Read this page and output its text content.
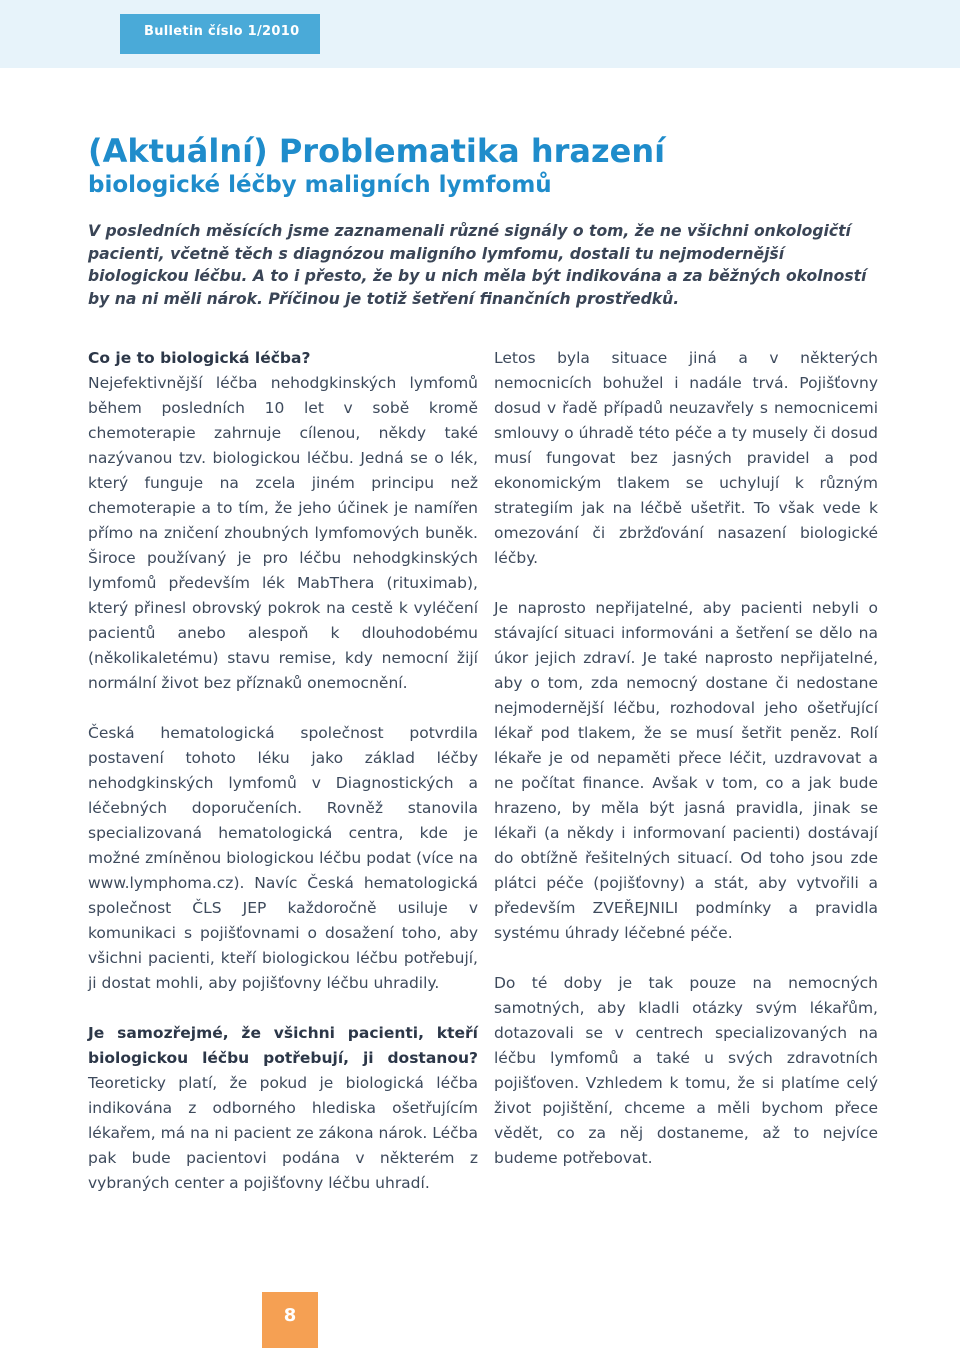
Bulletin číslo 1/2010
(Aktuální) Problematika hrazení
biologické léčby maligních lymfomů
V posledních měsících jsme zaznamenali různé signály o tom, že ne všichni onkologičtí pacienti, včetně těch s diagnózou maligního lymfomu, dostali tu nejmodernější biologickou léčbu. A to i přesto, že by u nich měla být indikována a za běžných okolností by na ni měli nárok. Příčinou je totiž šetření finančních prostředků.

Co je to biologická léčba?
Nejefektivnější léčba nehodgkinských lymfomů během posledních 10 let v sobě kromě chemoterapie zahrnuje cílenou, někdy také nazývanou tzv. biologickou léčbu. Jedná se o lék, který funguje na zcela jiném principu než chemoterapie a to tím, že jeho účinek je namířen přímo na zničení zhoubných lymfomových buněk. Široce používaný je pro léčbu nehodgkinských lymfomů především lék MabThera (rituximab), který přinesl obrovský pokrok na cestě k vyléčení pacientů anebo alespoň k dlouhodobému (několikaletému) stavu remise, kdy nemocní žijí normální život bez příznaků onemocnění.

Česká hematologická společnost potvrdila postavení tohoto léku jako základ léčby nehodgkinských lymfomů v Diagnostických a léčebných doporučeních. Rovněž stanovila specializovaná hematologická centra, kde je možné zmíněnou biologickou léčbu podat (více na www.lymphoma.cz). Navíc Česká hematologická společnost ČLS JEP každoročně usiluje v komunikaci s pojišťovnami o dosažení toho, aby všichni pacienti, kteří biologickou léčbu potřebují, ji dostat mohli, aby pojišťovny léčbu uhradily.

Je samozřejmé, že všichni pacienti, kteří biologickou léčbu potřebují, ji dostanou? Teoreticky platí, že pokud je biologická léčba indikována z odborného hlediska ošetřujícím lékařem, má na ni pacient ze zákona nárok. Léčba pak bude pacientovi podána v některém z vybraných center a pojišťovny léčbu uhradí.

Letos byla situace jiná a v některých nemocnicích bohužel i nadále trvá. Pojišťovny dosud v řadě případů neuzavřely s nemocnicemi smlouvy o úhradě této péče a ty musely či dosud musí fungovat bez jasných pravidel a pod ekonomickým tlakem se uchylují k různým strategiím jak na léčbě ušetřit. To však vede k omezování či zbržďování nasazení biologické léčby.

Je naprosto nepřijatelné, aby pacienti nebyli o stávající situaci informováni a šetření se dělo na úkor jejich zdraví. Je také naprosto nepřijatelné, aby o tom, zda nemocný dostane či nedostane nejmodernější léčbu, rozhodoval jeho ošetřující lékař pod tlakem, že se musí šetřit peněz. Rolí lékaře je od nepaměti přece léčit, uzdravovat a ne počítat finance. Avšak v tom, co a jak bude hrazeno, by měla být jasná pravidla, jinak se lékaři (a někdy i informovaní pacienti) dostávají do obtížně řešitelných situací. Od toho jsou zde plátci péče (pojišťovny) a stát, aby vytvořili a především ZVEŘEJNILI podmínky a pravidla systému úhrady léčebné péče.

Do té doby je tak pouze na nemocných samotných, aby kladli otázky svým lékařům, dotazovali se v centrech specializovaných na léčbu lymfomů a také u svých zdravotních pojišťoven. Vzhledem k tomu, že si platíme celý život pojištění, chceme a měli bychom přece vědět, co za něj dostaneme, až to nejvíce budeme potřebovat.

8
